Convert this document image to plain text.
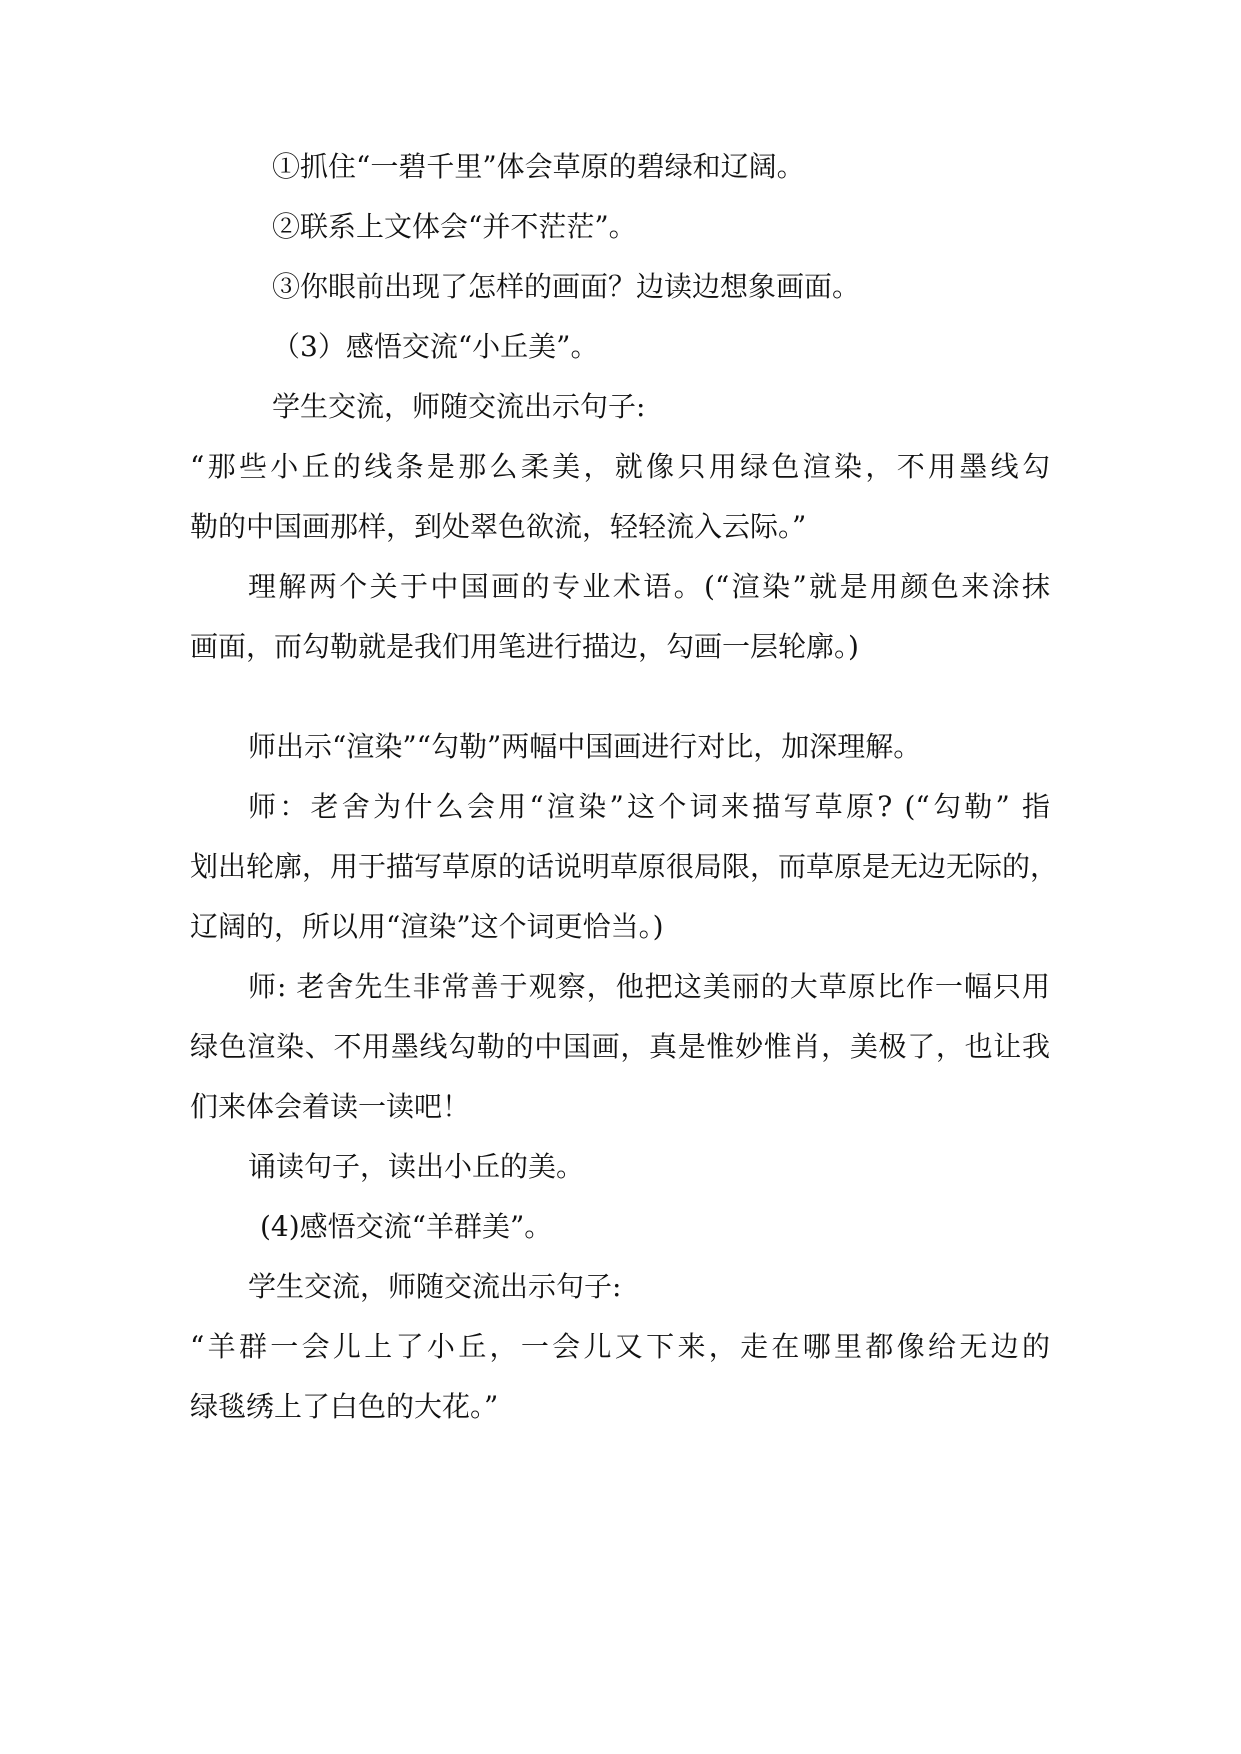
①抓住“一碧千里”体会草原的碧绿和辽阔。
②联系上文体会“并不茫茫”。
③你眼前出现了怎样的画面？边读边想象画面。
（3）感悟交流“小丘美”。
学生交流，师随交流出示句子:
“那些小丘的线条是那么柔美，就像只用绿色渲染，不用墨线勾
勒的中国画那样，到处翠色欲流，轻轻流入云际。”
理解两个关于中国画的专业术语。(“渲染”就是用颜色来涂抹
画面，而勾勒就是我们用笔进行描边，勾画一层轮廓。)
师出示“渲染”“勾勒”两幅中国画进行对比，加深理解。
师：老舍为什么会用“渲染”这个词来描写草原? (“勾勒” 指
划出轮廓，用于描写草原的话说明草原很局限，而草原是无边无际的，
辽阔的，所以用“渲染”这个词更恰当。)
师: 老舍先生非常善于观察，他把这美丽的大草原比作一幅只用
绿色渲染、不用墨线勾勒的中国画，真是惟妙惟肖，美极了，也让我
们来体会着读一读吧！
诵读句子，读出小丘的美。
(4)感悟交流“羊群美”。
学生交流，师随交流出示句子:
“羊群一会儿上了小丘，一会儿又下来，走在哪里都像给无边的
绿毯绣上了白色的大花。”
